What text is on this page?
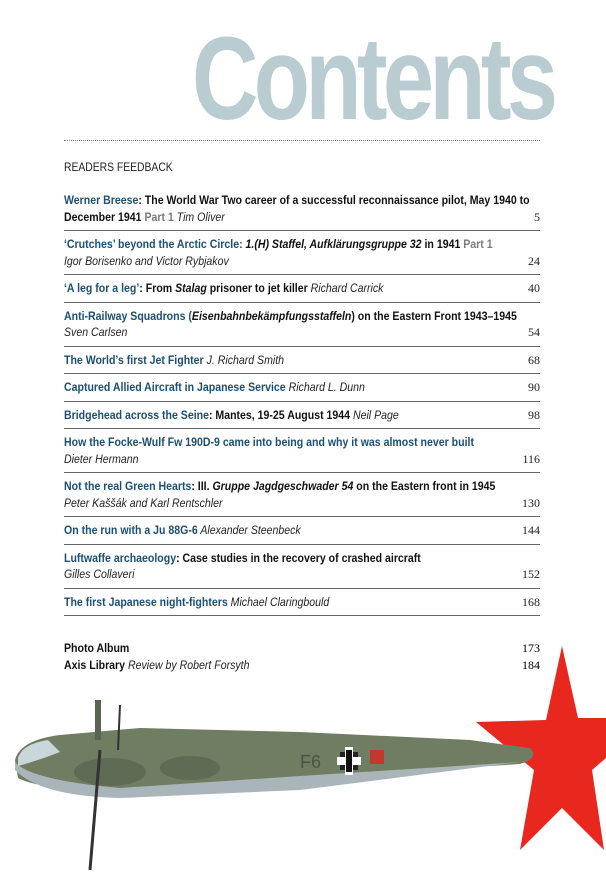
Contents
READERS FEEDBACK
Werner Breese: The World War Two career of a successful reconnaissance pilot, May 1940 to December 1941 Part 1 Tim Oliver	5
‘Crutches’ beyond the Arctic Circle: 1.(H) Staffel, Aufklärungsgruppe 32 in 1941 Part 1
Igor Borisenko and Victor Rybjakov	24
‘A leg for a leg’: From Stalag prisoner to jet killer Richard Carrick	40
Anti-Railway Squadrons (Eisenbahnbekämpfungsstaffeln) on the Eastern Front 1943–1945
Sven Carlsen	54
The World’s first Jet Fighter J. Richard Smith	68
Captured Allied Aircraft in Japanese Service Richard L. Dunn	90
Bridgehead across the Seine: Mantes, 19-25 August 1944 Neil Page	98
How the Focke-Wulf Fw 190D-9 came into being and why it was almost never built
Dieter Hermann	116
Not the real Green Hearts: III. Gruppe Jagdgeschwader 54 on the Eastern front in 1945
Peter Kaššák and Karl Rentschler	130
On the run with a Ju 88G-6 Alexander Steenbeck	144
Luftwaffe archaeology: Case studies in the recovery of crashed aircraft
Gilles Collaveri	152
The first Japanese night-fighters Michael Claringbould	168
Photo Album	173
Axis Library Review by Robert Forsyth	184
F6
